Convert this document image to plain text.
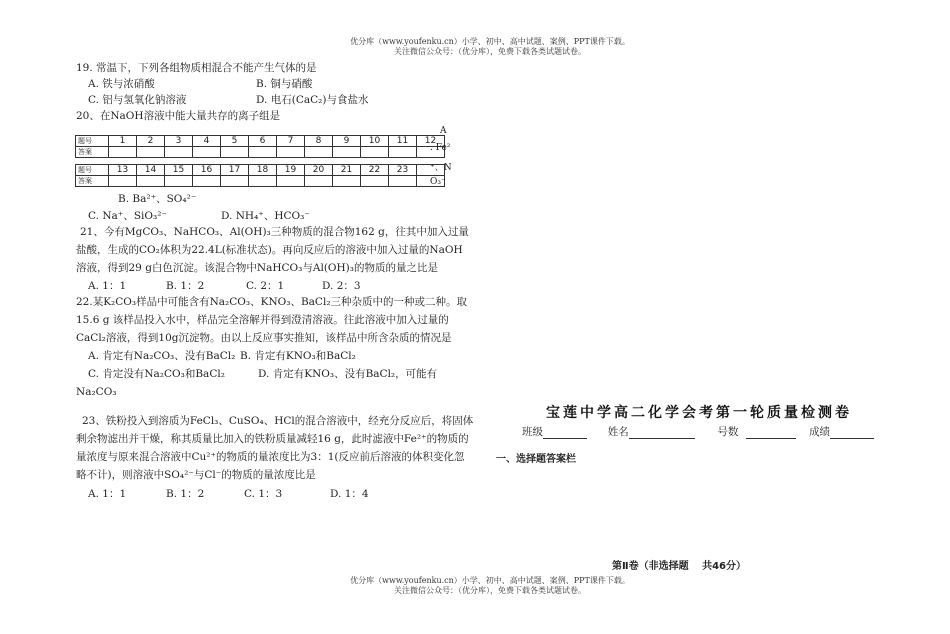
优分库（www.youfenku.cn）小学、初中、高中试题、案例、PPT课件下载。
关注微信公众号：（优分库），免费下载各类试题试卷。
19. 常温下，下列各组物质相混合不能产生气体的是
A. 铁与浓硝酸	B. 铜与硝酸
C. 铝与氢氧化钠溶液	D. 电石(CaC₂)与食盐水
20、在NaOH溶液中能大量共存的离子组是
题号	1	2	3	4	5	6	7	8	9	10	11	12
答案												
题号	13	14	15	16	17	18	19	20	21	22	23	
答案												
A
. Fe²
⁺、N
O₃⁻
B. Ba²⁺、SO₄²⁻
C. Na⁺、SiO₃²⁻	D. NH₄⁺、HCO₃⁻
21、今有MgCO₃、NaHCO₃、Al(OH)₃三种物质的混合物162 g，往其中加入过量
盐酸，生成的CO₂体积为22.4L(标准状态)。再向反应后的溶液中加入过量的NaOH
溶液，得到29 g白色沉淀。该混合物中NaHCO₃与Al(OH)₃的物质的量之比是
A. 1：1	B. 1：2	C. 2：1	D. 2：3
22.某K₂CO₃样品中可能含有Na₂CO₃、KNO₃、BaCl₂三种杂质中的一种或二种。取
15.6 g 该样品投入水中，样品完全溶解并得到澄清溶液。往此溶液中加入过量的
CaCl₂溶液，得到10g沉淀物。由以上反应事实推知，该样品中所含杂质的情况是
A. 肯定有Na₂CO₃、没有BaCl₂ B. 肯定有KNO₃和BaCl₂
C. 肯定没有Na₂CO₃和BaCl₂	D. 肯定有KNO₃、没有BaCl₂，可能有
Na₂CO₃
23、铁粉投入到溶质为FeCl₃、CuSO₄、HCl的混合溶液中，经充分反应后，将固体
剩余物滤出并干燥，称其质量比加入的铁粉质量减轻16 g，此时滤液中Fe²⁺的物质的
量浓度与原来混合溶液中Cu²⁺的物质的量浓度比为3：1(反应前后溶液的体积变化忽
略不计)，则溶液中SO₄²⁻与Cl⁻的物质的量浓度比是
A. 1：1	B. 1：2	C. 1：3	D. 1：4
宝莲中学高二化学会考第一轮质量检测卷
班级	姓名	号数	成绩
一、选择题答案栏
第Ⅱ卷（非选择题　 共46分）
优分库（www.youfenku.cn）小学、初中、高中试题、案例、PPT课件下载。
关注微信公众号：（优分库），免费下载各类试题试卷。
